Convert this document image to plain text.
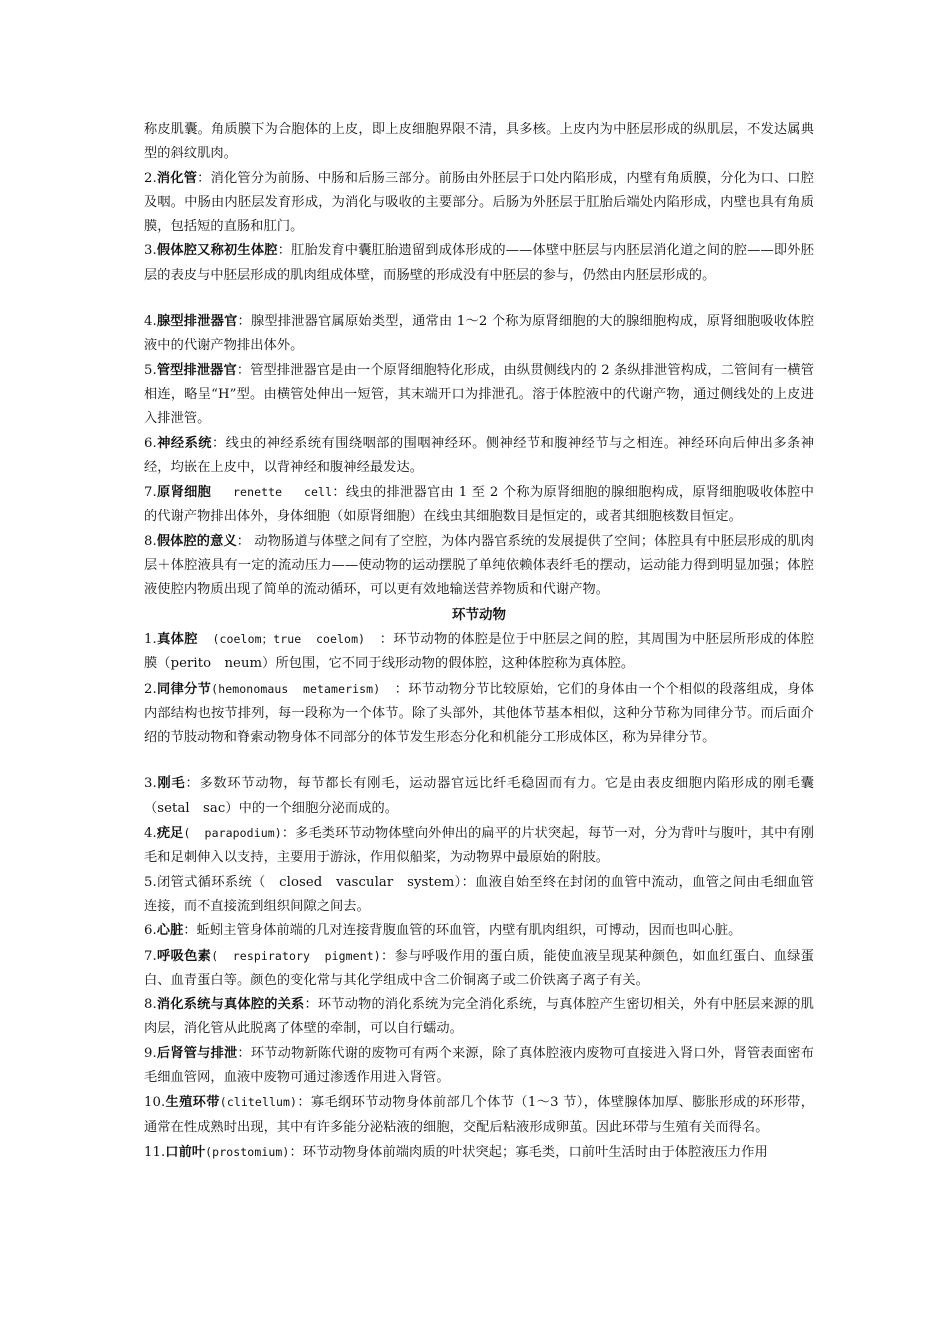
称皮肌囊。角质膜下为合胞体的上皮，即上皮细胞界限不清，具多核。上皮内为中胚层形成的纵肌层，不发达属典型的斜纹肌肉。

2.消化管：消化管分为前肠、中肠和后肠三部分。前肠由外胚层于口处内陷形成，内壁有角质膜，分化为口、口腔及咽。中肠由内胚层发育形成，为消化与吸收的主要部分。后肠为外胚层于肛胎后端处内陷形成，内壁也具有角质膜，包括短的直肠和肛门。

3.假体腔又称初生体腔：肛胎发育中囊肛胎遗留到成体形成的——体壁中胚层与内胚层消化道之间的腔——即外胚层的表皮与中胚层形成的肌肉组成体壁，而肠壁的形成没有中胚层的参与，仍然由内胚层形成的。

4.腺型排泄器官：腺型排泄器官属原始类型，通常由 1～2 个称为原肾细胞的大的腺细胞构成，原肾细胞吸收体腔液中的代谢产物排出体外。

5.管型排泄器官：管型排泄器官是由一个原肾细胞特化形成，由纵贯侧线内的 2 条纵排泄管构成，二管间有一横管相连，略呈“H”型。由横管处伸出一短管，其末端开口为排泄孔。溶于体腔液中的代谢产物，通过侧线处的上皮进入排泄管。

6.神经系统：线虫的神经系统有围绕咽部的围咽神经环。侧神经节和腹神经节与之相连。神经环向后伸出多条神经，均嵌在上皮中，以背神经和腹神经最发达。

7.原肾细胞   renette   cell：线虫的排泄器官由 1 至 2 个称为原肾细胞的腺细胞构成，原肾细胞吸收体腔中的代谢产物排出体外，身体细胞（如原肾细胞）在线虫其细胞数目是恒定的，或者其细胞核数目恒定。

8.假体腔的意义： 动物肠道与体壁之间有了空腔，为体内器官系统的发展提供了空间；体腔具有中胚层形成的肌肉层＋体腔液具有一定的流动压力——使动物的运动摆脱了单纯依赖体表纤毛的摆动，运动能力得到明显加强；体腔液使腔内物质出现了简单的流动循环，可以更有效地输送营养物质和代谢产物。

环节动物

1.真体腔  (coelom；true  coelom)  ：环节动物的体腔是位于中胚层之间的腔，其周围为中胚层所形成的体腔膜（perito　neum）所包围，它不同于线形动物的假体腔，这种体腔称为真体腔。

2.同律分节(hemonomaus  metamerism)  ：环节动物分节比较原始，它们的身体由一个个相似的段落组成，身体内部结构也按节排列，每一段称为一个体节。除了头部外，其他体节基本相似，这种分节称为同律分节。而后面介绍的节肢动物和脊索动物身体不同部分的体节发生形态分化和机能分工形成体区，称为异律分节。

3.刚毛：多数环节动物，每节都长有刚毛，运动器官远比纤毛稳固而有力。它是由表皮细胞内陷形成的刚毛囊（setal　sac）中的一个细胞分泌而成的。

4.疣足(  parapodium)：多毛类环节动物体壁向外伸出的扁平的片状突起，每节一对，分为背叶与腹叶，其中有刚毛和足刺伸入以支持，主要用于游泳，作用似船桨，为动物界中最原始的附肢。

5.闭管式循环系统（　closed　vascular　system）：血液自始至终在封闭的血管中流动，血管之间由毛细血管连接，而不直接流到组织间隙之间去。

6.心脏：蚯蚓主管身体前端的几对连接背腹血管的环血管，内壁有肌肉组织，可博动，因而也叫心脏。

7.呼吸色素(  respiratory  pigment)：参与呼吸作用的蛋白质，能使血液呈现某种颜色，如血红蛋白、血绿蛋白、血青蛋白等。颜色的变化常与其化学组成中含二价铜离子或二价铁离子离子有关。

8.消化系统与真体腔的关系：环节动物的消化系统为完全消化系统，与真体腔产生密切相关，外有中胚层来源的肌肉层，消化管从此脱离了体壁的牵制，可以自行蠕动。

9.后肾管与排泄：环节动物新陈代谢的废物可有两个来源，除了真体腔液内废物可直接进入肾口外，肾管表面密布毛细血管网，血液中废物可通过渗透作用进入肾管。

10.生殖环带(clitellum)：寡毛纲环节动物身体前部几个体节（1～3 节），体壁腺体加厚、膨胀形成的环形带，通常在性成熟时出现，其中有许多能分泌粘液的细胞，交配后粘液形成卵茧。因此环带与生殖有关而得名。

11.口前叶(prostomium)：环节动物身体前端肉质的叶状突起；寡毛类，口前叶生活时由于体腔液压力作用
